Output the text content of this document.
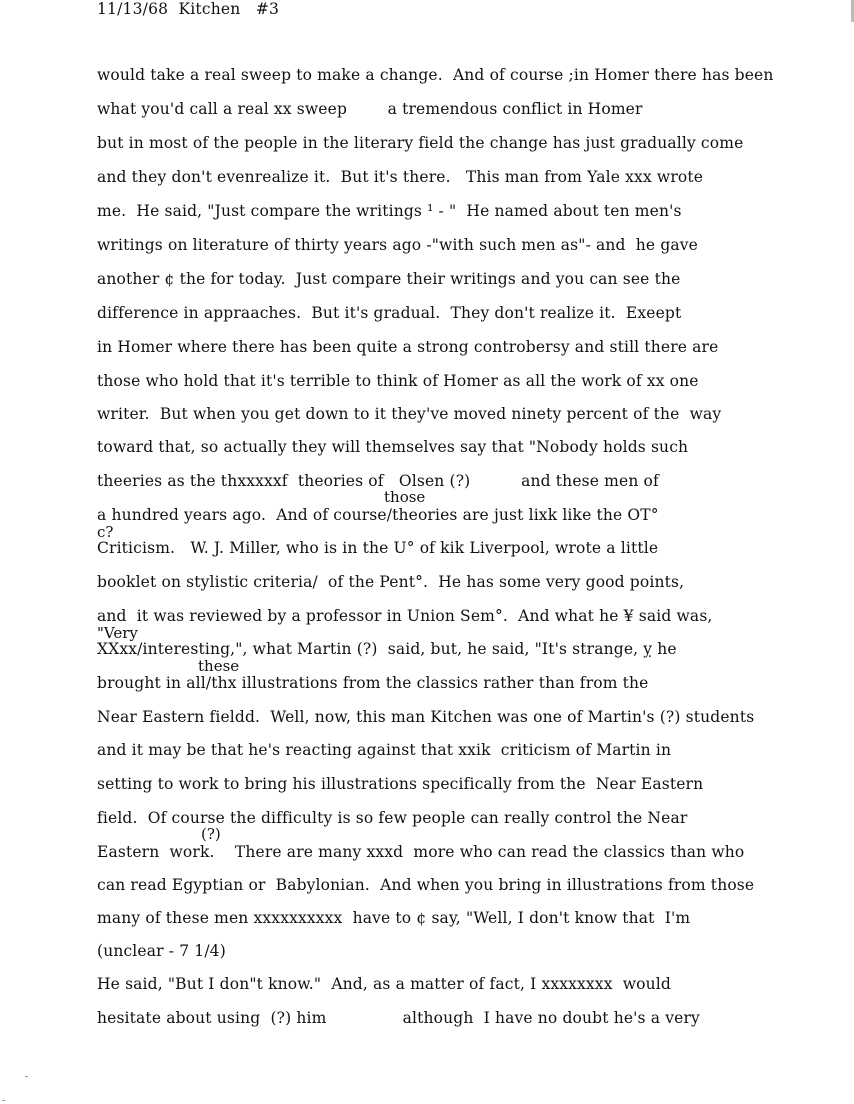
11/13/68 Kitchen #3
would take a real sweep to make a change.  And of course ;in Homer there has been
what you'd call a real xx sweep        a tremendous conflict in Homer
but in most of the people in the literary field the change has just gradually come
and they don't evenrealize it.  But it's there.   This man from Yale xxx wrote
me.  He said, "Just compare the writings ¹ - "  He named about ten men's
writings on literature of thirty years ago -"with such men as"- and  he gave
another ¢ the for today.  Just compare their writings and you can see the
difference in appraaches.  But it's gradual.  They don't realize it.  Exeept
in Homer where there has been quite a strong controbersy and still there are
those who hold that it's terrible to think of Homer as all the work of xx one
writer.  But when you get down to it they've moved ninety percent of the  way
toward that, so actually they will themselves say that "Nobody holds such
theeries as the thxxxxxf  theories of   Olsen (?)          and these men of
those
a hundred years ago.  And of course/theories are just lixk like the OT°
c?
Criticism.   W. J. Miller, who is in the U° of kik Liverpool, wrote a little
booklet on stylistic criteria/  of the Pent°.  He has some very good points,
and  it was reviewed by a professor in Union Sem°.  And what he ¥ said was,
"Very
XXxx/interesting,", what Martin (?)  said, but, he said, "It's strange, ỵ he
these
brought in all/thx illustrations from the classics rather than from the
Near Eastern fieldd.  Well, now, this man Kitchen was one of Martin's (?) students
and it may be that he's reacting against that xxik  criticism of Martin in
setting to work to bring his illustrations specifically from the  Near Eastern
field.  Of course the difficulty is so few people can really control the Near
(?)
Eastern  work.    There are many xxxd  more who can read the classics than who
can read Egyptian or  Babylonian.  And when you bring in illustrations from those
many of these men xxxxxxxxxx  have to ¢ say, "Well, I don't know that  I'm
(unclear - 7 1/4)
He said, "But I don"t know."  And, as a matter of fact, I xxxxxxxx  would
hesitate about using  (?) him               although  I have no doubt he's a very
